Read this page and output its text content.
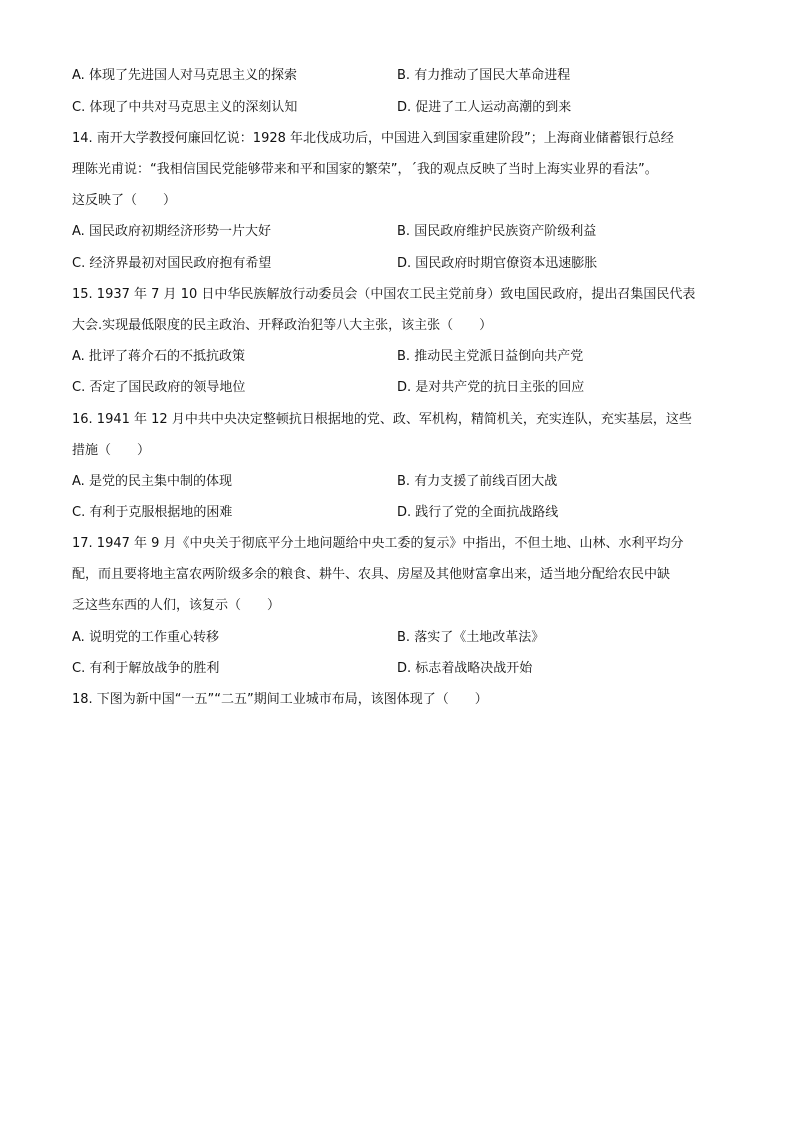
A. 体现了先进国人对马克思主义的探索	B. 有力推动了国民大革命进程
C. 体现了中共对马克思主义的深刻认知	D. 促进了工人运动高潮的到来
14. 南开大学教授何廉回忆说：1928 年北伐成功后，中国进入到国家重建阶段”；上海商业储蓄银行总经
理陈光甫说：“我相信国民党能够带来和平和国家的繁荣”，ˊ我的观点反映了当时上海实业界的看法”。
这反映了（　　）
A. 国民政府初期经济形势一片大好	B. 国民政府维护民族资产阶级利益
C. 经济界最初对国民政府抱有希望	D. 国民政府时期官僚资本迅速膨胀
15. 1937 年 7 月 10 日中华民族解放行动委员会（中国农工民主党前身）致电国民政府，提出召集国民代表
大会.实现最低限度的民主政治、开释政治犯等八大主张，该主张（　　）
A. 批评了蒋介石的不抵抗政策	B. 推动民主党派日益倒向共产党
C. 否定了国民政府的领导地位	D. 是对共产党的抗日主张的回应
16. 1941 年 12 月中共中央决定整顿抗日根据地的党、政、军机构，精简机关，充实连队，充实基层，这些
措施（　　）
A. 是党的民主集中制的体现	B. 有力支援了前线百团大战
C. 有利于克服根据地的困难	D. 践行了党的全面抗战路线
17. 1947 年 9 月《中央关于彻底平分土地问题给中央工委的复示》中指出，不但土地、山林、水利平均分
配，而且要将地主富农两阶级多余的粮食、耕牛、农具、房屋及其他财富拿出来，适当地分配给农民中缺
乏这些东西的人们，该复示（　　）
A. 说明党的工作重心转移	B. 落实了《土地改革法》
C. 有利于解放战争的胜利	D. 标志着战略决战开始
18. 下图为新中国“一五”“二五”期间工业城市布局，该图体现了（　　）
